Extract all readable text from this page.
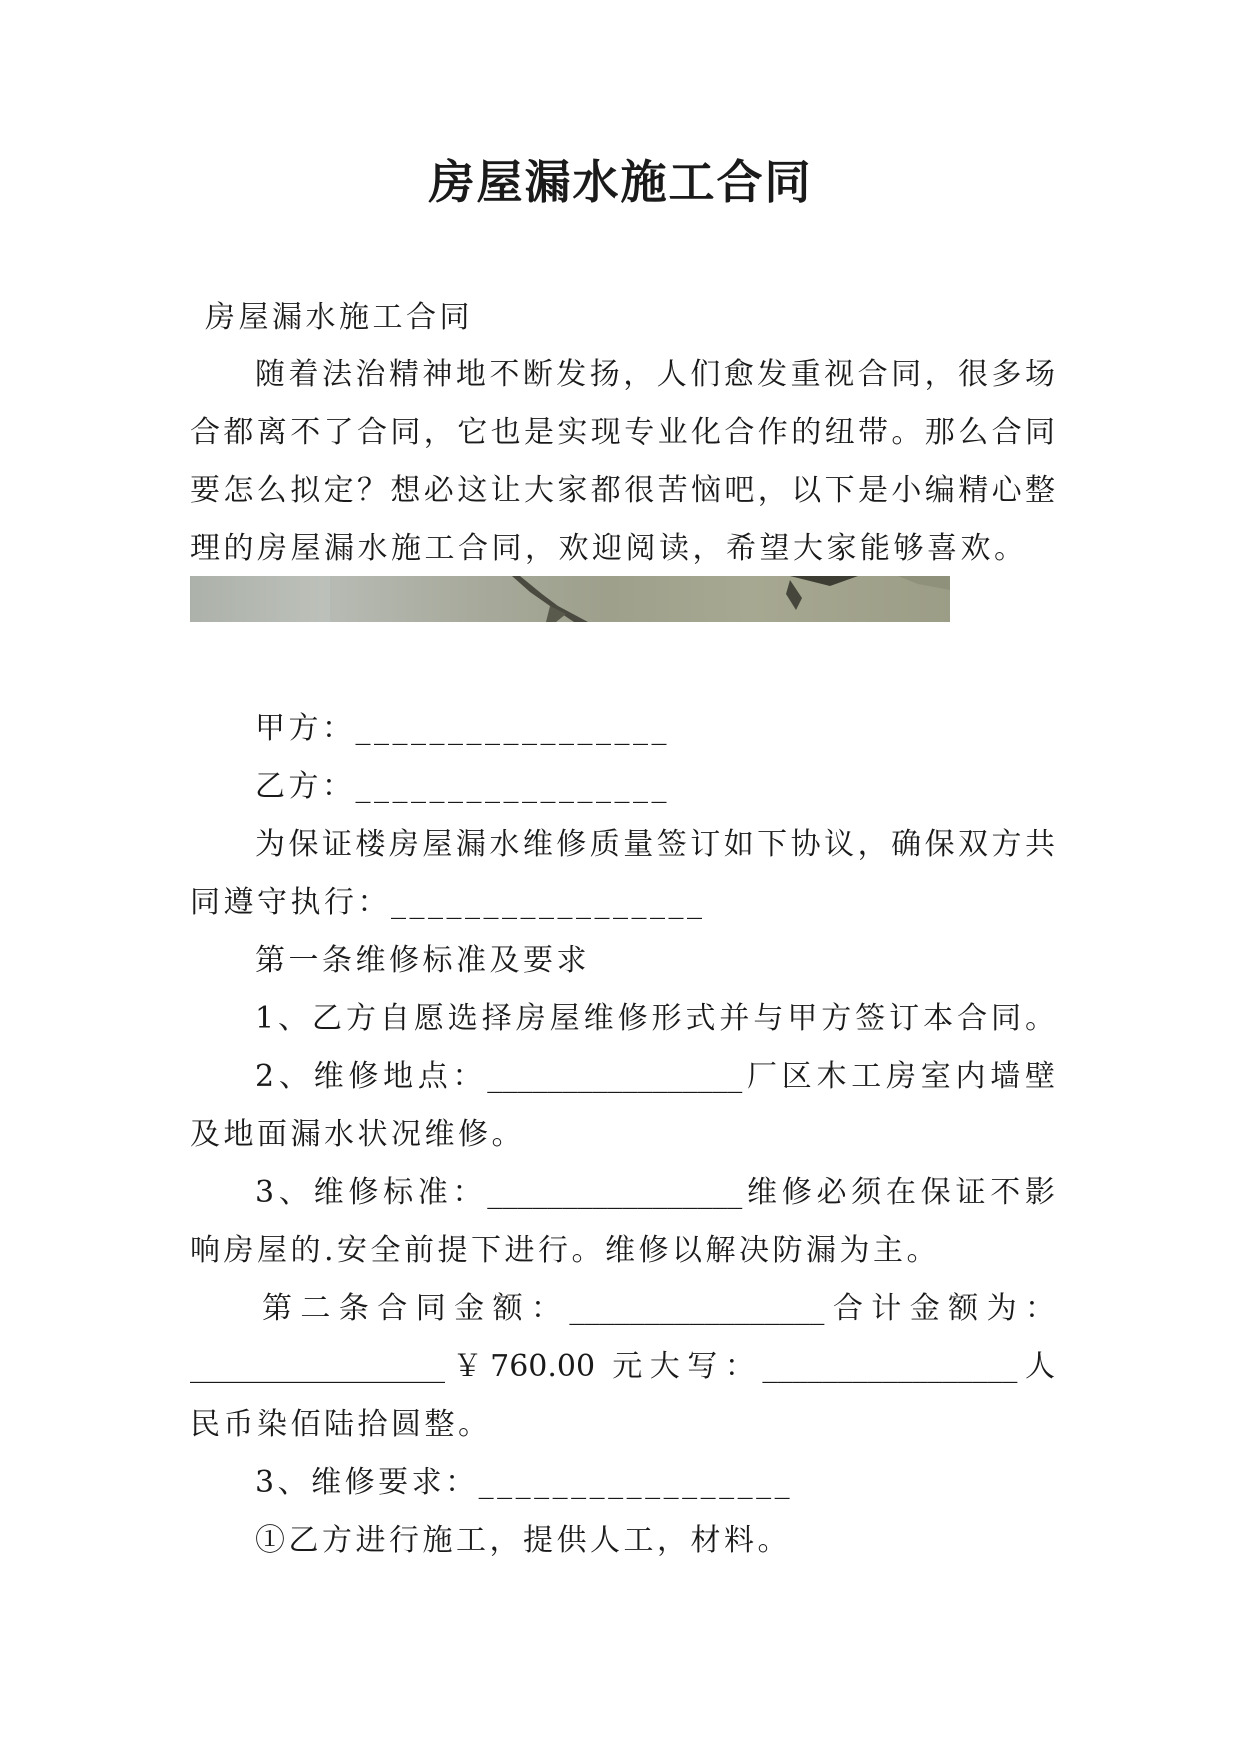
房屋漏水施工合同
房屋漏水施工合同
随着法治精神地不断发扬，人们愈发重视合同，很多场
合都离不了合同，它也是实现专业化合作的纽带。那么合同
要怎么拟定？想必这让大家都很苦恼吧，以下是小编精心整
理的房屋漏水施工合同，欢迎阅读，希望大家能够喜欢。
甲方：_________________
乙方：_________________
为保证楼房屋漏水维修质量签订如下协议，确保双方共
同遵守执行：_________________
第一条维修标准及要求
1、乙方自愿选择房屋维修形式并与甲方签订本合同。
2、维修地点：_________________厂区木工房室内墙壁
及地面漏水状况维修。
3、维修标准：_________________维修必须在保证不影
响房屋的.安全前提下进行。维修以解决防漏为主。
第二条合同金额：_________________合计金额为：
_________________￥760.00 元大写：_________________人
民币染佰陆拾圆整。
3、维修要求：_________________
①乙方进行施工，提供人工，材料。
